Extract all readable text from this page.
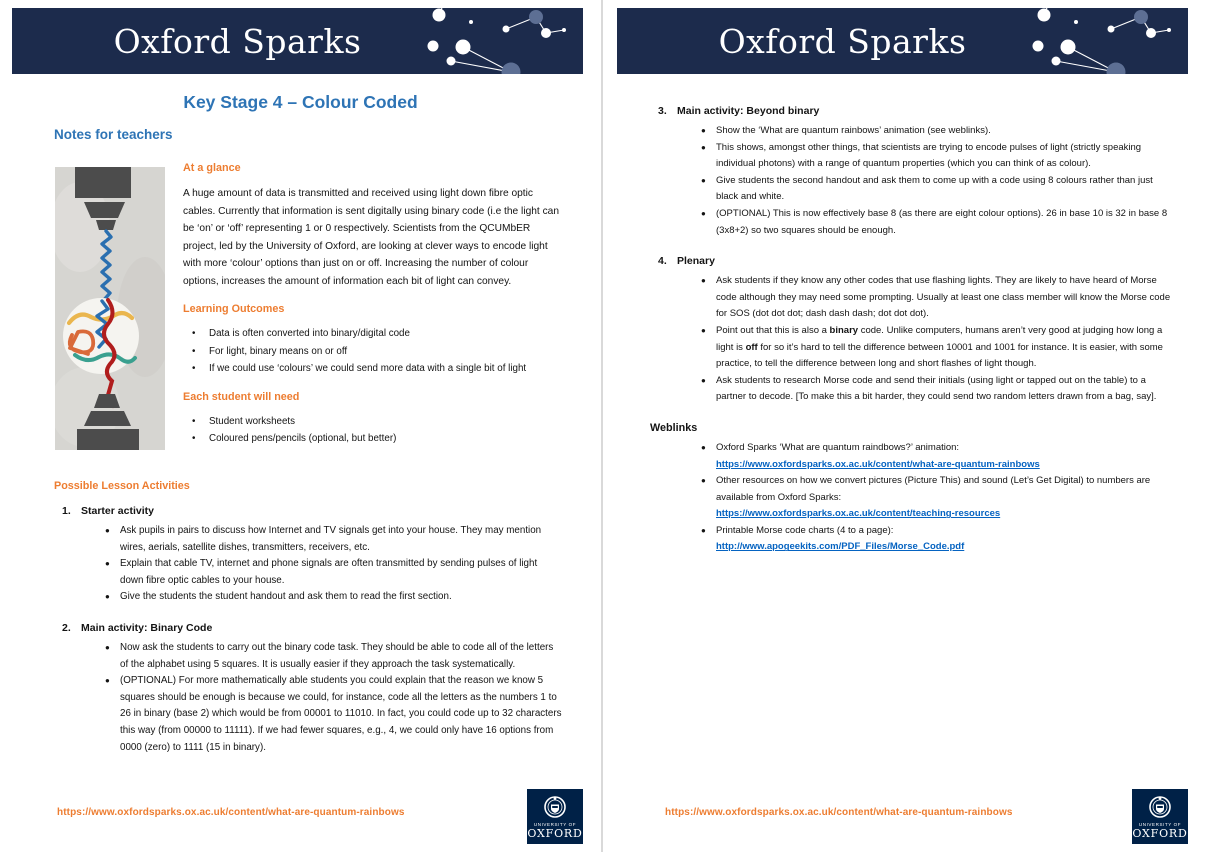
Oxford Sparks
Key Stage 4 – Colour Coded
Notes for teachers
At a glance
A huge amount of data is transmitted and received using light down fibre optic cables. Currently that information is sent digitally using binary code (i.e the light can be ‘on’ or ‘off’ representing 1 or 0 respectively. Scientists from the QCUMbER project, led by the University of Oxford, are looking at clever ways to encode light with more ‘colour’ options than just on or off. Increasing the number of colour options, increases the amount of information each bit of light can convey.
Learning Outcomes
•	Data is often converted into binary/digital code
•	For light, binary means on or off
•	If we could use ‘colours’ we could send more data with a single bit of light
Each student will need
•	Student worksheets
•	Coloured pens/pencils (optional, but better)
Possible Lesson Activities
1. Starter activity
●	Ask pupils in pairs to discuss how Internet and TV signals get into your house. They may mention wires, aerials, satellite dishes, transmitters, receivers, etc.
●	Explain that cable TV, internet and phone signals are often transmitted by sending pulses of light down fibre optic cables to your house.
●	Give the students the student handout and ask them to read the first section.
2. Main activity: Binary Code
●	Now ask the students to carry out the binary code task. They should be able to code all of the letters of the alphabet using 5 squares. It is usually easier if they approach the task systematically.
●	(OPTIONAL) For more mathematically able students you could explain that the reason we know 5 squares should be enough is because we could, for instance, code all the letters as the numbers 1 to 26 in binary (base 2) which would be from 00001 to 11010. In fact, you could code up to 32 characters this way (from 00000 to 11111). If we had fewer squares, e.g., 4, we could only have 16 options from 0000 (zero) to 1111 (15 in binary).
https://www.oxfordsparks.ox.ac.uk/content/what-are-quantum-rainbows
UNIVERSITY OF
OXFORD
Oxford Sparks
3. Main activity: Beyond binary
●	Show the ‘What are quantum rainbows’ animation (see weblinks).
●	This shows, amongst other things, that scientists are trying to encode pulses of light (strictly speaking individual photons) with a range of quantum properties (which you can think of as colour).
●	Give students the second handout and ask them to come up with a code using 8 colours rather than just black and white.
●	(OPTIONAL) This is now effectively base 8 (as there are eight colour options). 26 in base 10 is 32 in base 8 (3x8+2) so two squares should be enough.
4. Plenary
●	Ask students if they know any other codes that use flashing lights. They are likely to have heard of Morse code although they may need some prompting. Usually at least one class member will know the Morse code for SOS (dot dot dot; dash dash dash; dot dot dot).
●	Point out that this is also a binary code. Unlike computers, humans aren’t very good at judging how long a light is off for so it’s hard to tell the difference between 10001 and 1001 for instance. It is easier, with some practice, to tell the difference between long and short flashes of light though.
●	Ask students to research Morse code and send their initials (using light or tapped out on the table) to a partner to decode. [To make this a bit harder, they could send two random letters drawn from a bag, say].
Weblinks
●	Oxford Sparks ‘What are quantum raindbows?’ animation:
https://www.oxfordsparks.ox.ac.uk/content/what-are-quantum-rainbows
●	Other resources on how we convert pictures (Picture This) and sound (Let’s Get Digital) to numbers are available from Oxford Sparks:
https://www.oxfordsparks.ox.ac.uk/content/teaching-resources
●	Printable Morse code charts (4 to a page):
http://www.apogeekits.com/PDF_Files/Morse_Code.pdf
https://www.oxfordsparks.ox.ac.uk/content/what-are-quantum-rainbows
UNIVERSITY OF
OXFORD
